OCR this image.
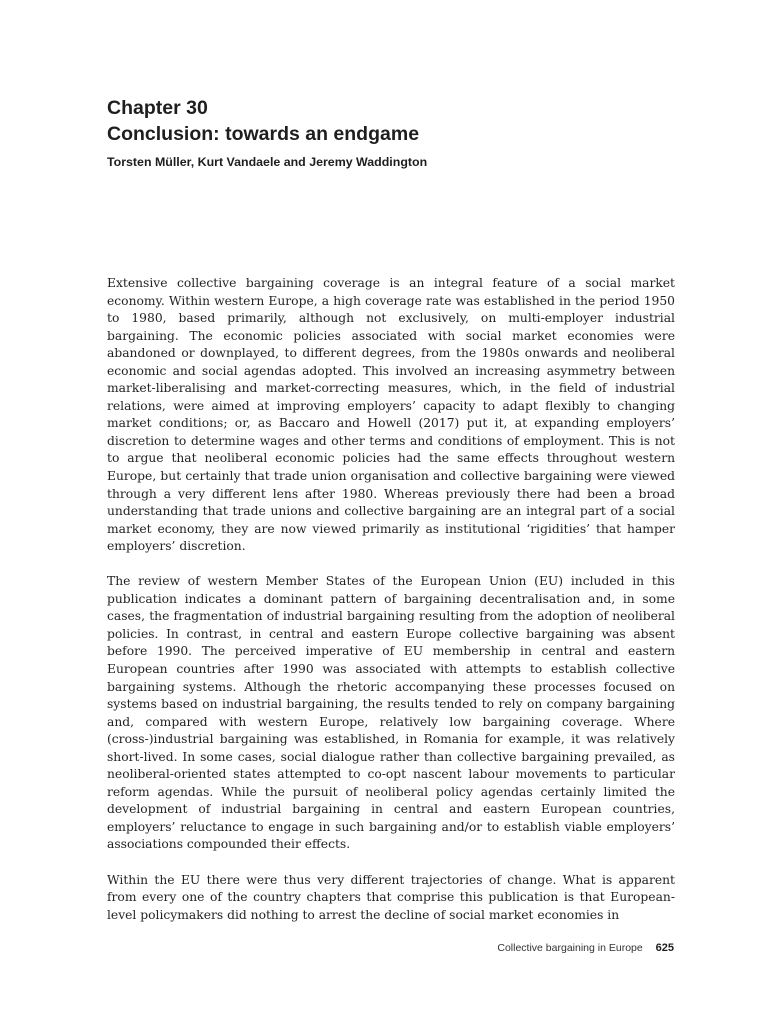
Chapter 30
Conclusion: towards an endgame
Torsten Müller, Kurt Vandaele and Jeremy Waddington

Extensive collective bargaining coverage is an integral feature of a social market economy. Within western Europe, a high coverage rate was established in the period 1950 to 1980, based primarily, although not exclusively, on multi-employer industrial bargaining. The economic policies associated with social market economies were abandoned or downplayed, to different degrees, from the 1980s onwards and neoliberal economic and social agendas adopted. This involved an increasing asymmetry between market-liberalising and market-correcting measures, which, in the field of industrial relations, were aimed at improving employers’ capacity to adapt flexibly to changing market conditions; or, as Baccaro and Howell (2017) put it, at expanding employers’ discretion to determine wages and other terms and conditions of employment. This is not to argue that neoliberal economic policies had the same effects throughout western Europe, but certainly that trade union organisation and collective bargaining were viewed through a very different lens after 1980. Whereas previously there had been a broad understanding that trade unions and collective bargaining are an integral part of a social market economy, they are now viewed primarily as institutional ‘rigidities’ that hamper employers’ discretion.

The review of western Member States of the European Union (EU) included in this publication indicates a dominant pattern of bargaining decentralisation and, in some cases, the fragmentation of industrial bargaining resulting from the adoption of neoliberal policies. In contrast, in central and eastern Europe collective bargaining was absent before 1990. The perceived imperative of EU membership in central and eastern European countries after 1990 was associated with attempts to establish collective bargaining systems. Although the rhetoric accompanying these processes focused on systems based on industrial bargaining, the results tended to rely on company bargaining and, compared with western Europe, relatively low bargaining coverage. Where (cross-)industrial bargaining was established, in Romania for example, it was relatively short-lived. In some cases, social dialogue rather than collective bargaining prevailed, as neoliberal-oriented states attempted to co-opt nascent labour movements to particular reform agendas. While the pursuit of neoliberal policy agendas certainly limited the development of industrial bargaining in central and eastern European countries, employers’ reluctance to engage in such bargaining and/or to establish viable employers’ associations compounded their effects.

Within the EU there were thus very different trajectories of change. What is apparent from every one of the country chapters that comprise this publication is that European-level policymakers did nothing to arrest the decline of social market economies in

Collective bargaining in Europe 625
